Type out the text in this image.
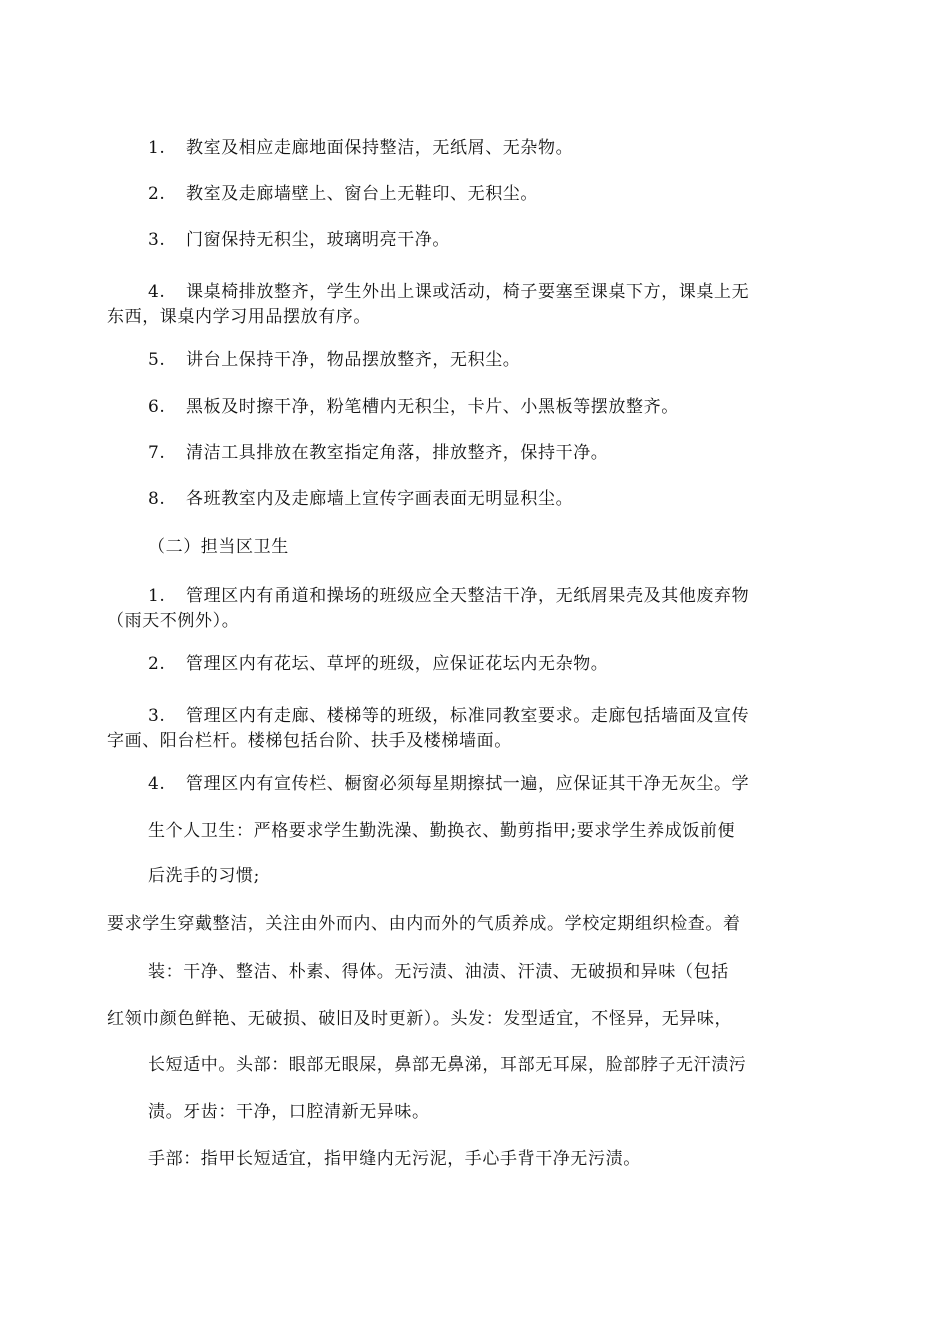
1. 教室及相应走廊地面保持整洁，无纸屑、无杂物。
2. 教室及走廊墙壁上、窗台上无鞋印、无积尘。
3. 门窗保持无积尘，玻璃明亮干净。
4. 课桌椅排放整齐，学生外出上课或活动，椅子要塞至课桌下方，课桌上无
东西，课桌内学习用品摆放有序。
5. 讲台上保持干净，物品摆放整齐，无积尘。
6. 黑板及时擦干净，粉笔槽内无积尘，卡片、小黑板等摆放整齐。
7. 清洁工具排放在教室指定角落，排放整齐，保持干净。
8. 各班教室内及走廊墙上宣传字画表面无明显积尘。
（二）担当区卫生
1. 管理区内有甬道和操场的班级应全天整洁干净，无纸屑果壳及其他废弃物
（雨天不例外）。
2. 管理区内有花坛、草坪的班级，应保证花坛内无杂物。
3. 管理区内有走廊、楼梯等的班级，标准同教室要求。走廊包括墙面及宣传
字画、阳台栏杆。楼梯包括台阶、扶手及楼梯墙面。
4. 管理区内有宣传栏、橱窗必须每星期擦拭一遍，应保证其干净无灰尘。学
生个人卫生：严格要求学生勤洗澡、勤换衣、勤剪指甲;要求学生养成饭前便
后洗手的习惯;
要求学生穿戴整洁，关注由外而内、由内而外的气质养成。学校定期组织检查。着
装：干净、整洁、朴素、得体。无污渍、油渍、汗渍、无破损和异味（包括
红领巾颜色鲜艳、无破损、破旧及时更新）。头发：发型适宜，不怪异，无异味，
长短适中。头部：眼部无眼屎，鼻部无鼻涕，耳部无耳屎，脸部脖子无汗渍污
渍。牙齿：干净，口腔清新无异味。
手部：指甲长短适宜，指甲缝内无污泥，手心手背干净无污渍。
